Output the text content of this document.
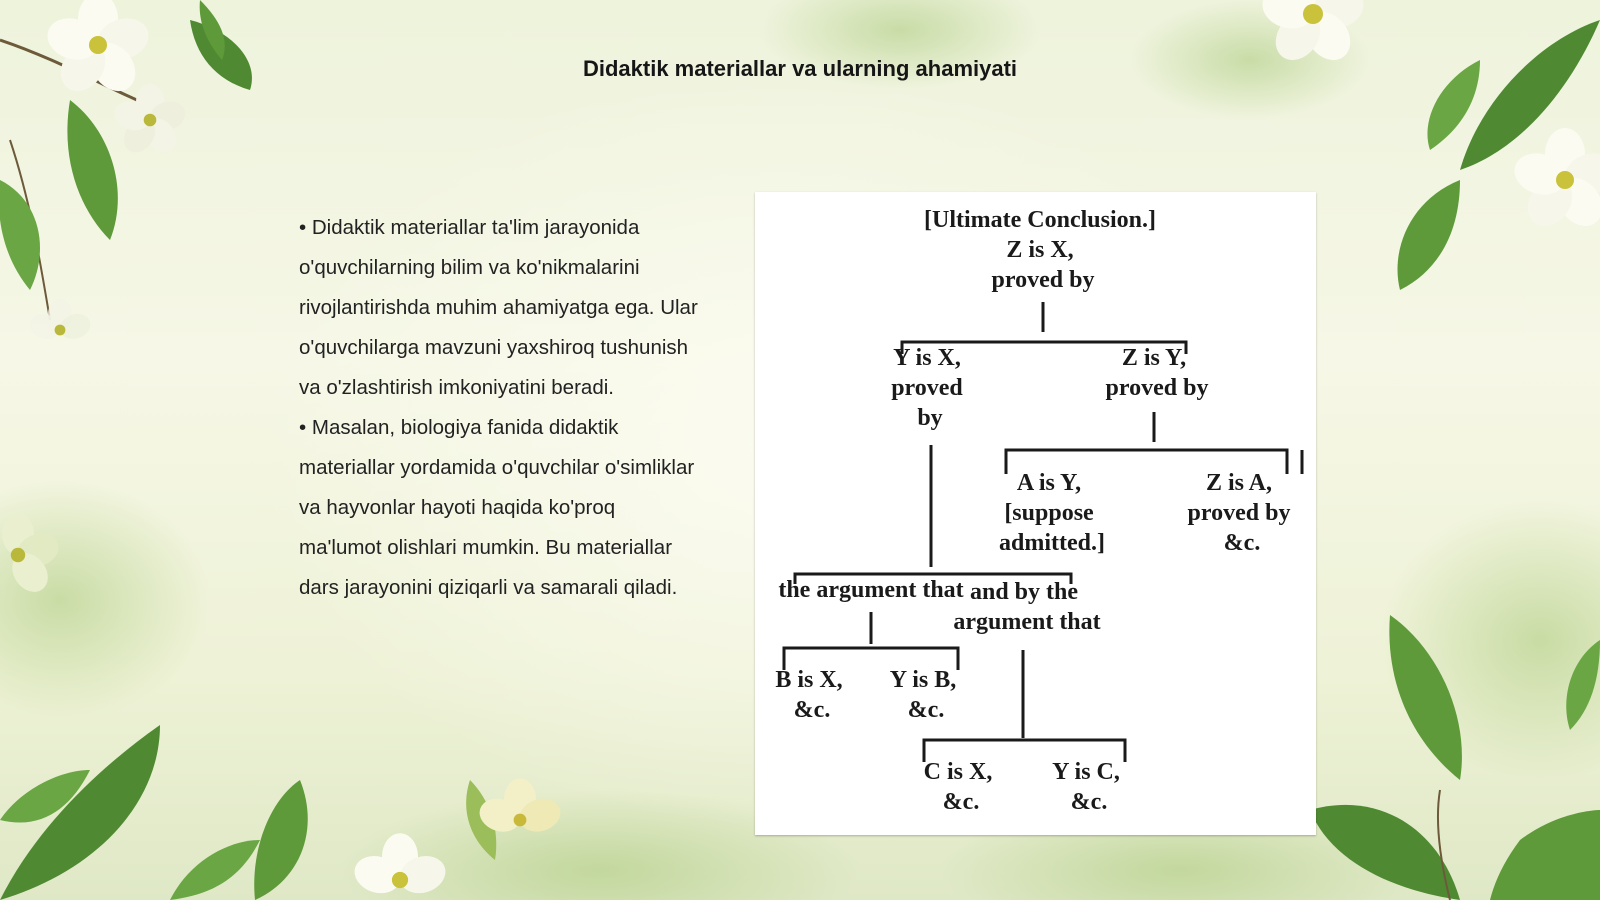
Didaktik materiallar va ularning ahamiyati

• Didaktik materiallar ta'lim jarayonida o'quvchilarning bilim va ko'nikmalarini rivojlantirishda muhim ahamiyatga ega. Ular o'quvchilarga mavzuni yaxshiroq tushunish va o'zlashtirish imkoniyatini beradi.

• Masalan, biologiya fanida didaktik materiallar yordamida o'quvchilar o'simliklar va hayvonlar hayoti haqida ko'proq ma'lumot olishlari mumkin. Bu materiallar dars jarayonini qiziqarli va samarali qiladi.

[Ultimate Conclusion.] Z is X, proved by
Y is X, proved by
Z is Y, proved by
A is Y, [suppose admitted.]
Z is A, proved by &c.
the argument that and by the argument that
B is X, &c.
Y is B, &c.
C is X, &c.
Y is C, &c.
